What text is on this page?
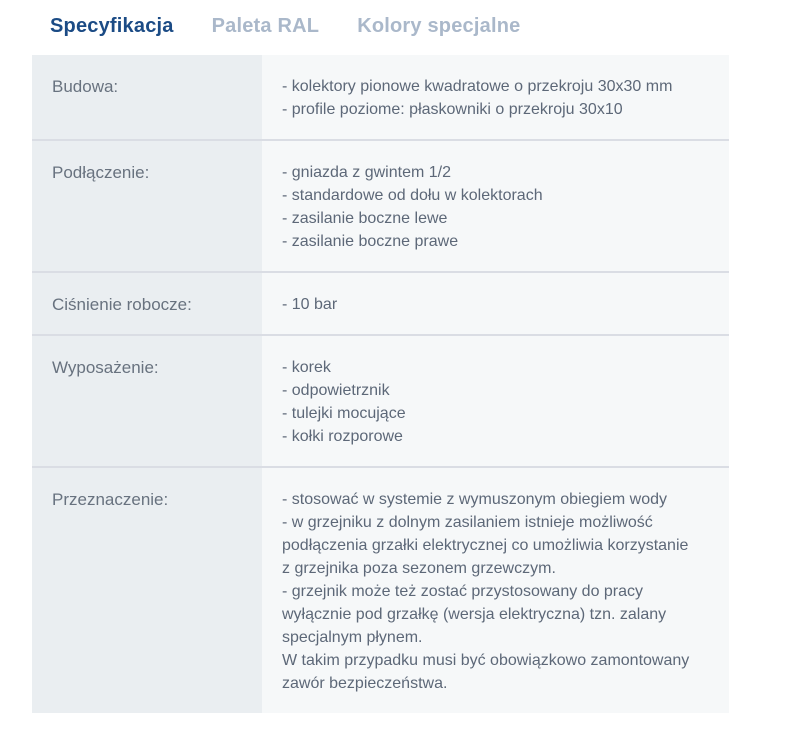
Specyfikacja Paleta RAL Kolory specjalne
Budowa:	- kolektory pionowe kwadratowe o przekroju 30x30 mm
- profile poziome: płaskowniki o przekroju 30x10
Podłączenie:	- gniazda z gwintem 1/2
- standardowe od dołu w kolektorach
- zasilanie boczne lewe
- zasilanie boczne prawe
Ciśnienie robocze:	- 10 bar
Wyposażenie:	- korek
- odpowietrznik
- tulejki mocujące
- kołki rozporowe
Przeznaczenie:	- stosować w systemie z wymuszonym obiegiem wody
- w grzejniku z dolnym zasilaniem istnieje możliwość
podłączenia grzałki elektrycznej co umożliwia korzystanie
z grzejnika poza sezonem grzewczym.
- grzejnik może też zostać przystosowany do pracy
wyłącznie pod grzałkę (wersja elektryczna) tzn. zalany
specjalnym płynem.
W takim przypadku musi być obowiązkowo zamontowany
zawór bezpieczeństwa.
